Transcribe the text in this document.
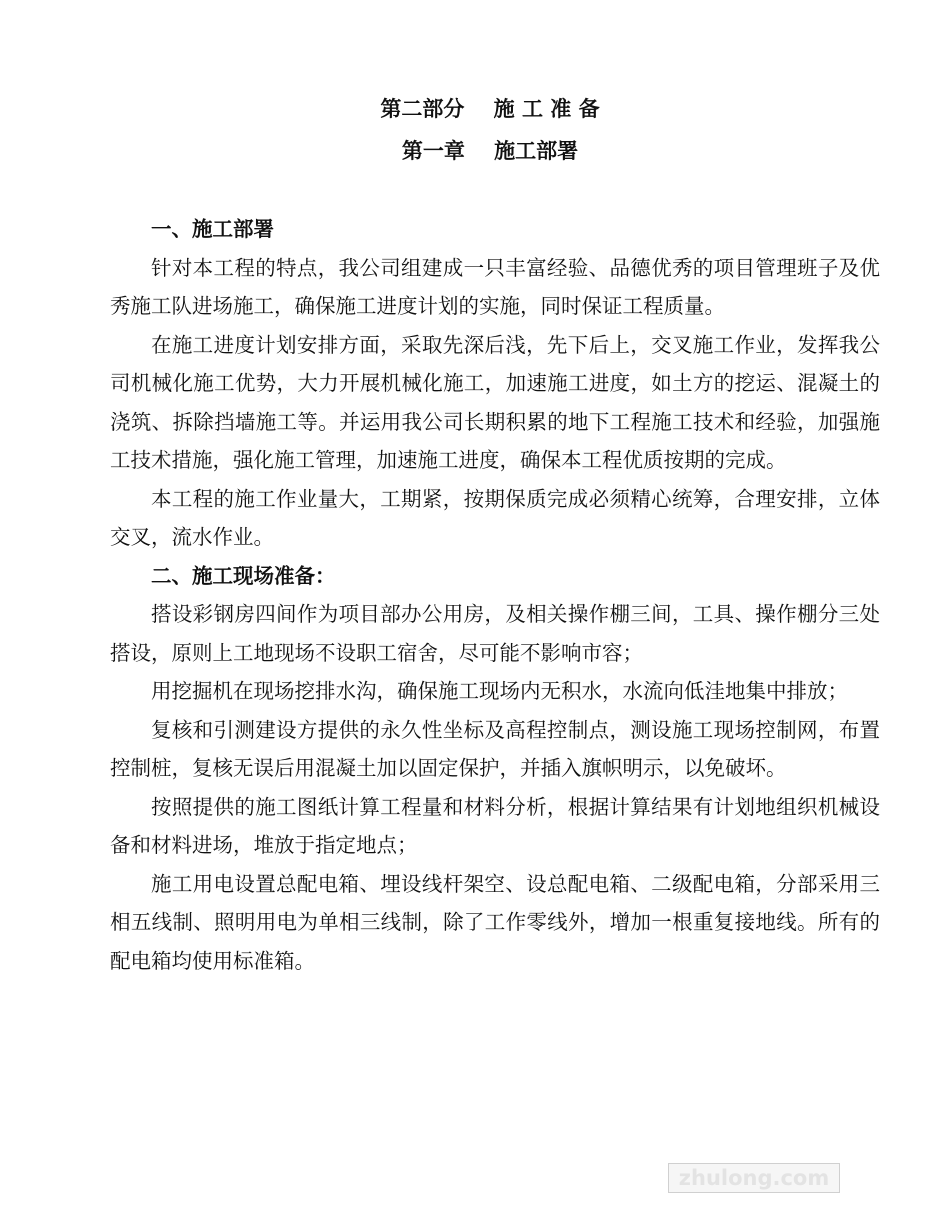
第二部分    施 工 准 备
第一章    施工部署

一、施工部署

针对本工程的特点，我公司组建成一只丰富经验、品德优秀的项目管理班子及优秀施工队进场施工，确保施工进度计划的实施，同时保证工程质量。

在施工进度计划安排方面，采取先深后浅，先下后上，交叉施工作业，发挥我公司机械化施工优势，大力开展机械化施工，加速施工进度，如土方的挖运、混凝土的浇筑、拆除挡墙施工等。并运用我公司长期积累的地下工程施工技术和经验，加强施工技术措施，强化施工管理，加速施工进度，确保本工程优质按期的完成。

本工程的施工作业量大，工期紧，按期保质完成必须精心统筹，合理安排，立体交叉，流水作业。

二、施工现场准备：

搭设彩钢房四间作为项目部办公用房，及相关操作棚三间，工具、操作棚分三处搭设，原则上工地现场不设职工宿舍，尽可能不影响市容；

用挖掘机在现场挖排水沟，确保施工现场内无积水，水流向低洼地集中排放；

复核和引测建设方提供的永久性坐标及高程控制点，测设施工现场控制网，布置控制桩，复核无误后用混凝土加以固定保护，并插入旗帜明示，以免破坏。

按照提供的施工图纸计算工程量和材料分析，根据计算结果有计划地组织机械设备和材料进场，堆放于指定地点；

施工用电设置总配电箱、埋设线杆架空、设总配电箱、二级配电箱，分部采用三相五线制、照明用电为单相三线制，除了工作零线外，增加一根重复接地线。所有的配电箱均使用标准箱。

zhulong.com
